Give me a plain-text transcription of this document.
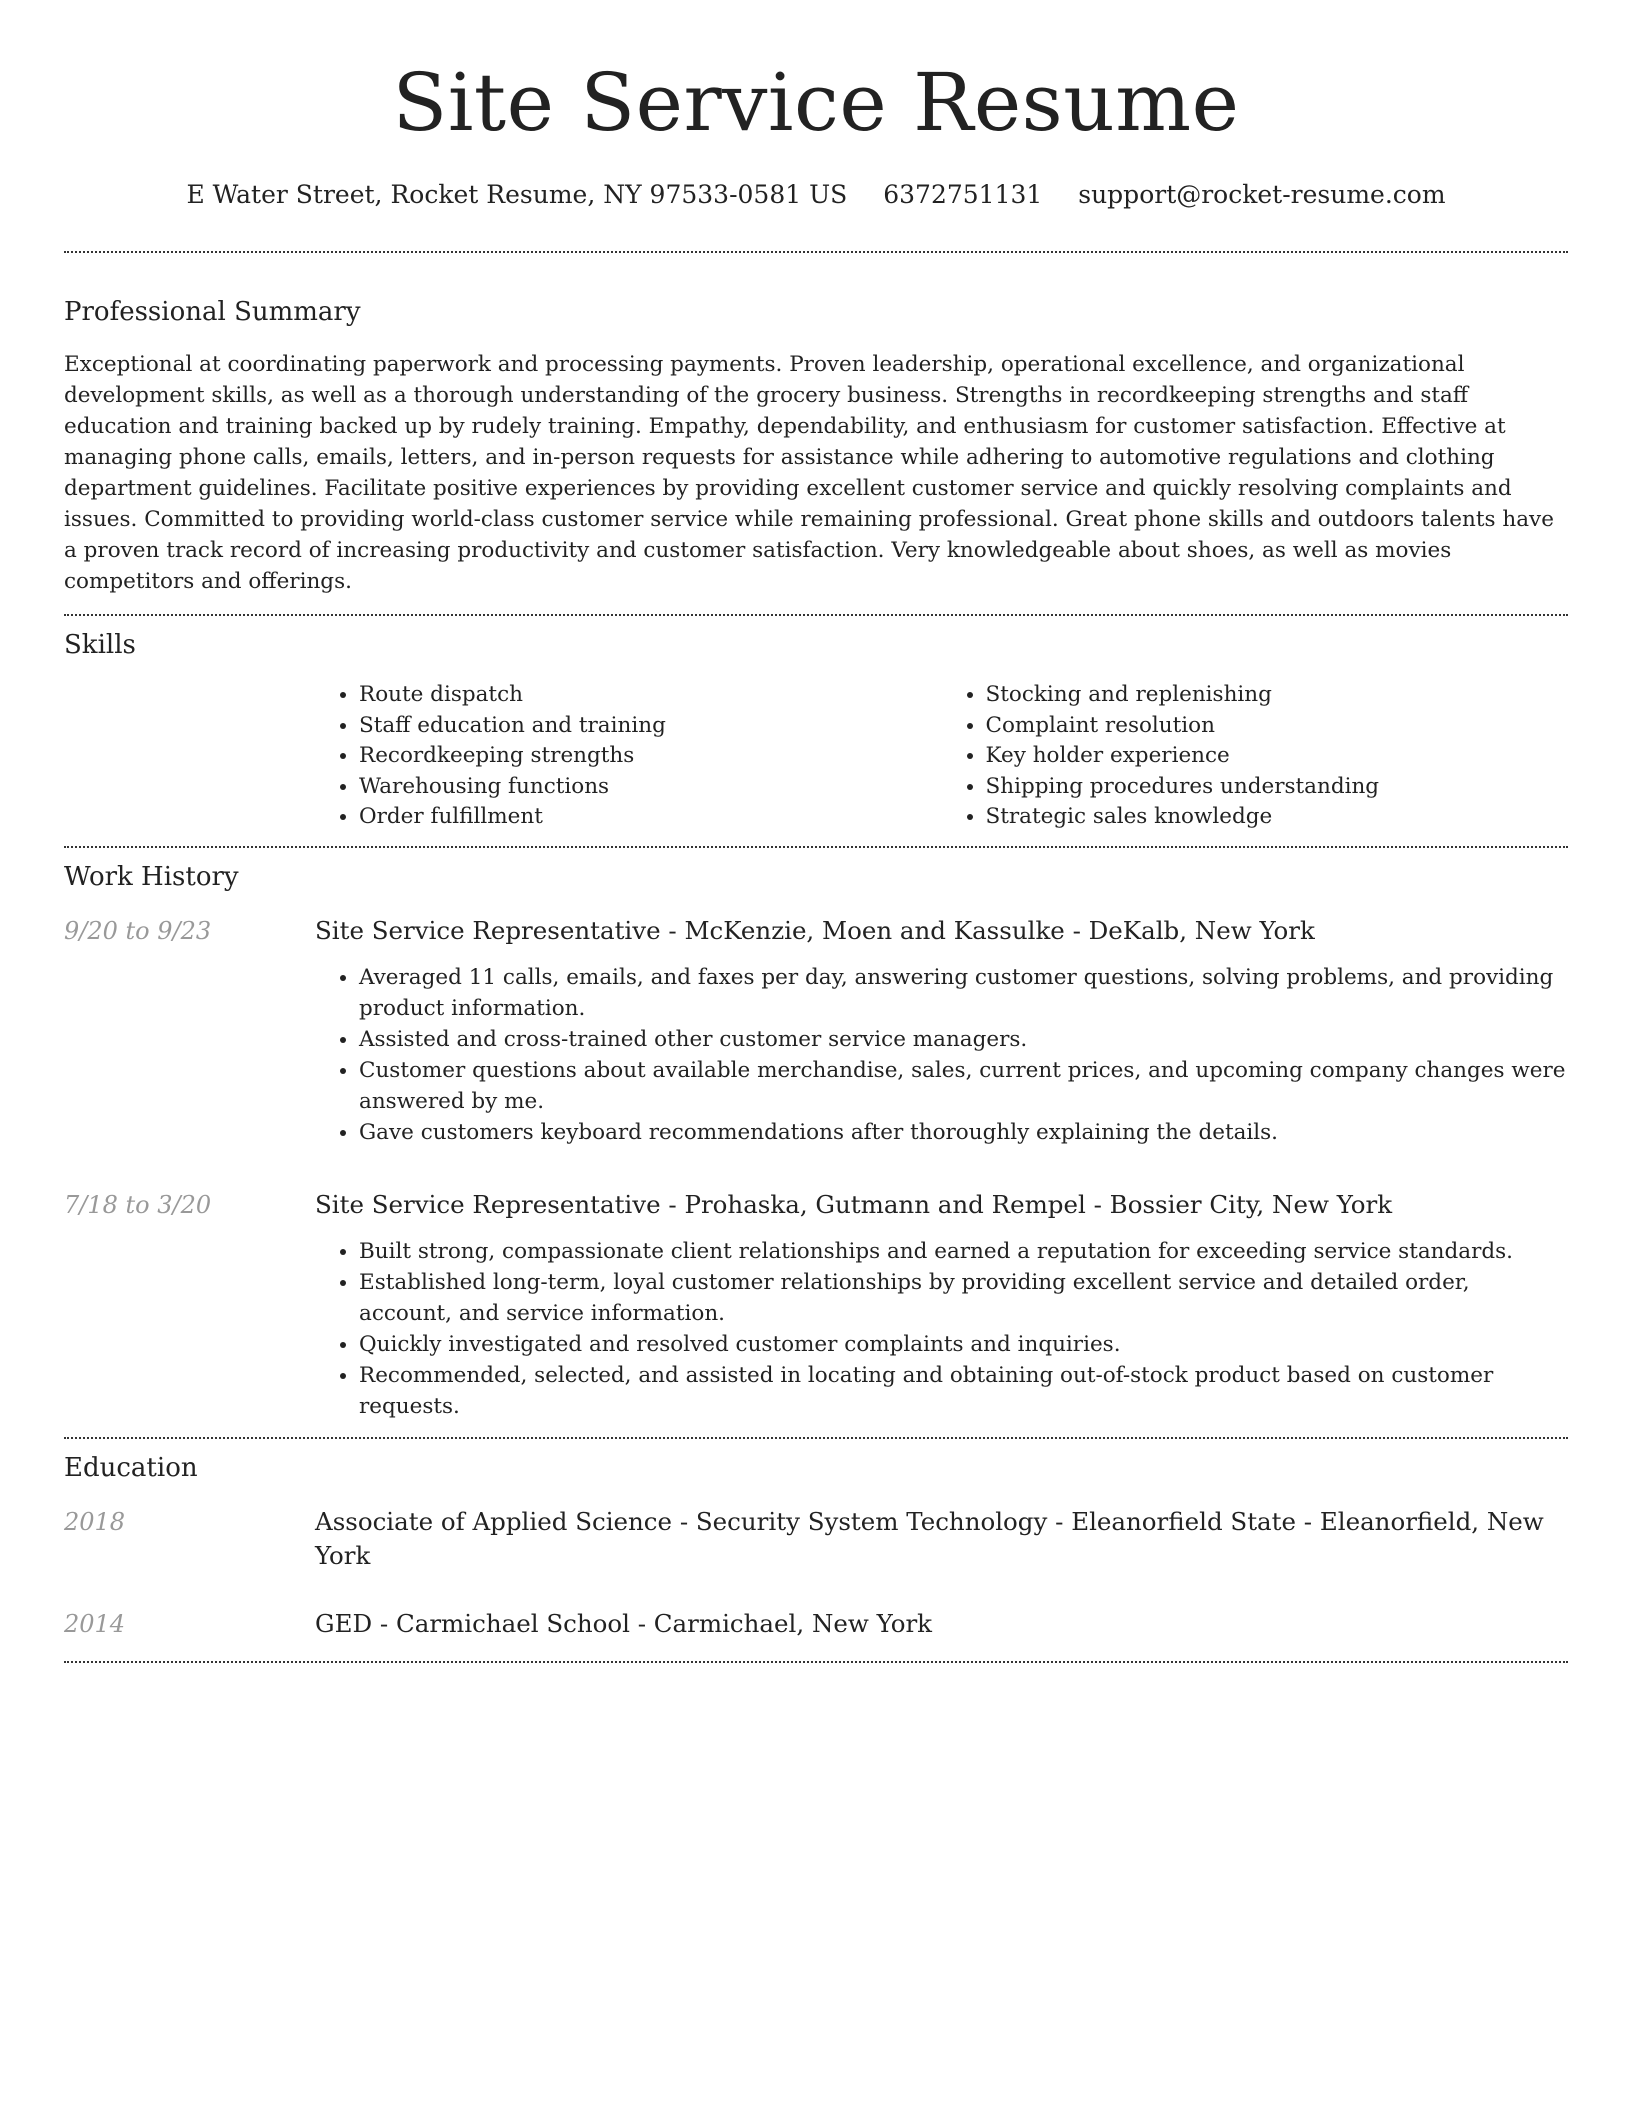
Site Service Resume
E Water Street, Rocket Resume, NY 97533-0581 US 6372751131 support@rocket-resume.com
Professional Summary

Exceptional at coordinating paperwork and processing payments. Proven leadership, operational excellence, and organizational development skills, as well as a thorough understanding of the grocery business. Strengths in recordkeeping strengths and staff education and training backed up by rudely training. Empathy, dependability, and enthusiasm for customer satisfaction. Effective at managing phone calls, emails, letters, and in-person requests for assistance while adhering to automotive regulations and clothing department guidelines. Facilitate positive experiences by providing excellent customer service and quickly resolving complaints and issues. Committed to providing world-class customer service while remaining professional. Great phone skills and outdoors talents have a proven track record of increasing productivity and customer satisfaction. Very knowledgeable about shoes, as well as movies competitors and offerings.

Skills
• Route dispatch
• Staff education and training
• Recordkeeping strengths
• Warehousing functions
• Order fulfillment
• Stocking and replenishing
• Complaint resolution
• Key holder experience
• Shipping procedures understanding
• Strategic sales knowledge
Work History
9/20 to 9/23	Site Service Representative - McKenzie, Moen and Kassulke - DeKalb, New York
• Averaged 11 calls, emails, and faxes per day, answering customer questions, solving problems, and providing product information.
• Assisted and cross-trained other customer service managers.
• Customer questions about available merchandise, sales, current prices, and upcoming company changes were answered by me.
• Gave customers keyboard recommendations after thoroughly explaining the details.
7/18 to 3/20	Site Service Representative - Prohaska, Gutmann and Rempel - Bossier City, New York
• Built strong, compassionate client relationships and earned a reputation for exceeding service standards.
• Established long-term, loyal customer relationships by providing excellent service and detailed order, account, and service information.
• Quickly investigated and resolved customer complaints and inquiries.
• Recommended, selected, and assisted in locating and obtaining out-of-stock product based on customer requests.
Education
2018	Associate of Applied Science - Security System Technology - Eleanorfield State - Eleanorfield, New York
2014	GED - Carmichael School - Carmichael, New York
